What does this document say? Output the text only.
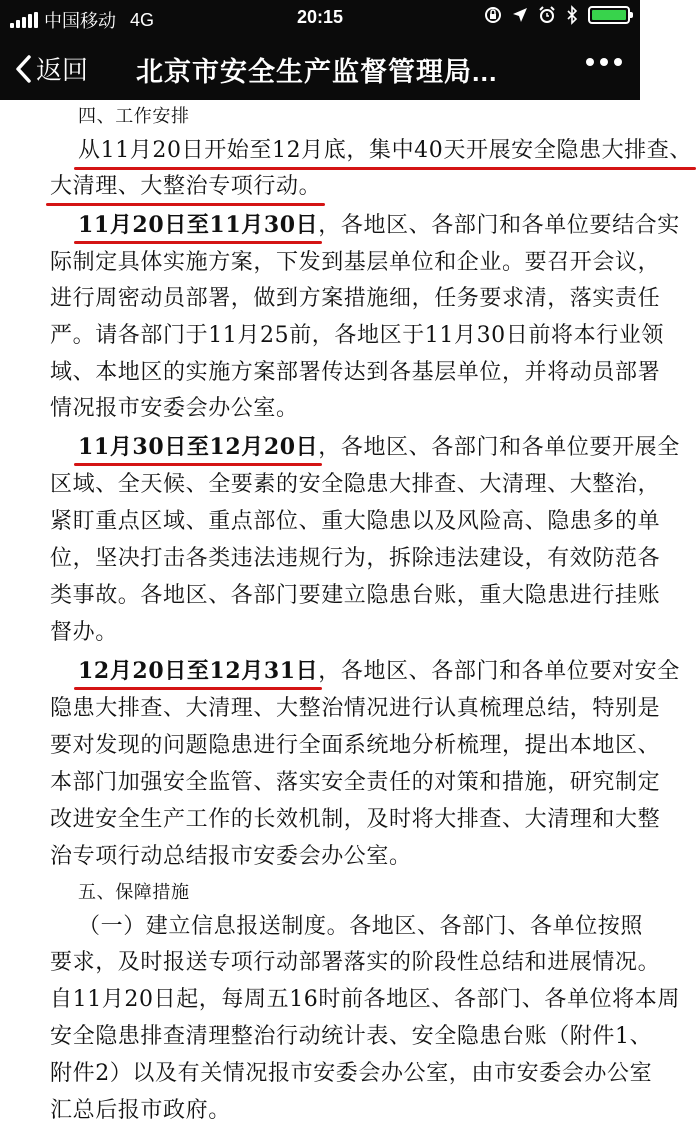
中国移动 4G	20:15
返回 北京市安全生产监督管理局...
四、工作安排
从11月20日开始至12月底，集中40天开展安全隐患大排查、
大清理、大整治专项行动。
11月20日至11月30日，各地区、各部门和各单位要结合实
际制定具体实施方案，下发到基层单位和企业。要召开会议，
进行周密动员部署，做到方案措施细，任务要求清，落实责任
严。请各部门于11月25前，各地区于11月30日前将本行业领
域、本地区的实施方案部署传达到各基层单位，并将动员部署
情况报市安委会办公室。
11月30日至12月20日，各地区、各部门和各单位要开展全
区域、全天候、全要素的安全隐患大排查、大清理、大整治，
紧盯重点区域、重点部位、重大隐患以及风险高、隐患多的单
位，坚决打击各类违法违规行为，拆除违法建设，有效防范各
类事故。各地区、各部门要建立隐患台账，重大隐患进行挂账
督办。
12月20日至12月31日，各地区、各部门和各单位要对安全
隐患大排查、大清理、大整治情况进行认真梳理总结，特别是
要对发现的问题隐患进行全面系统地分析梳理，提出本地区、
本部门加强安全监管、落实安全责任的对策和措施，研究制定
改进安全生产工作的长效机制，及时将大排查、大清理和大整
治专项行动总结报市安委会办公室。
五、保障措施
（一）建立信息报送制度。各地区、各部门、各单位按照
要求，及时报送专项行动部署落实的阶段性总结和进展情况。
自11月20日起，每周五16时前各地区、各部门、各单位将本周
安全隐患排查清理整治行动统计表、安全隐患台账（附件1、
附件2）以及有关情况报市安委会办公室，由市安委会办公室
汇总后报市政府。
